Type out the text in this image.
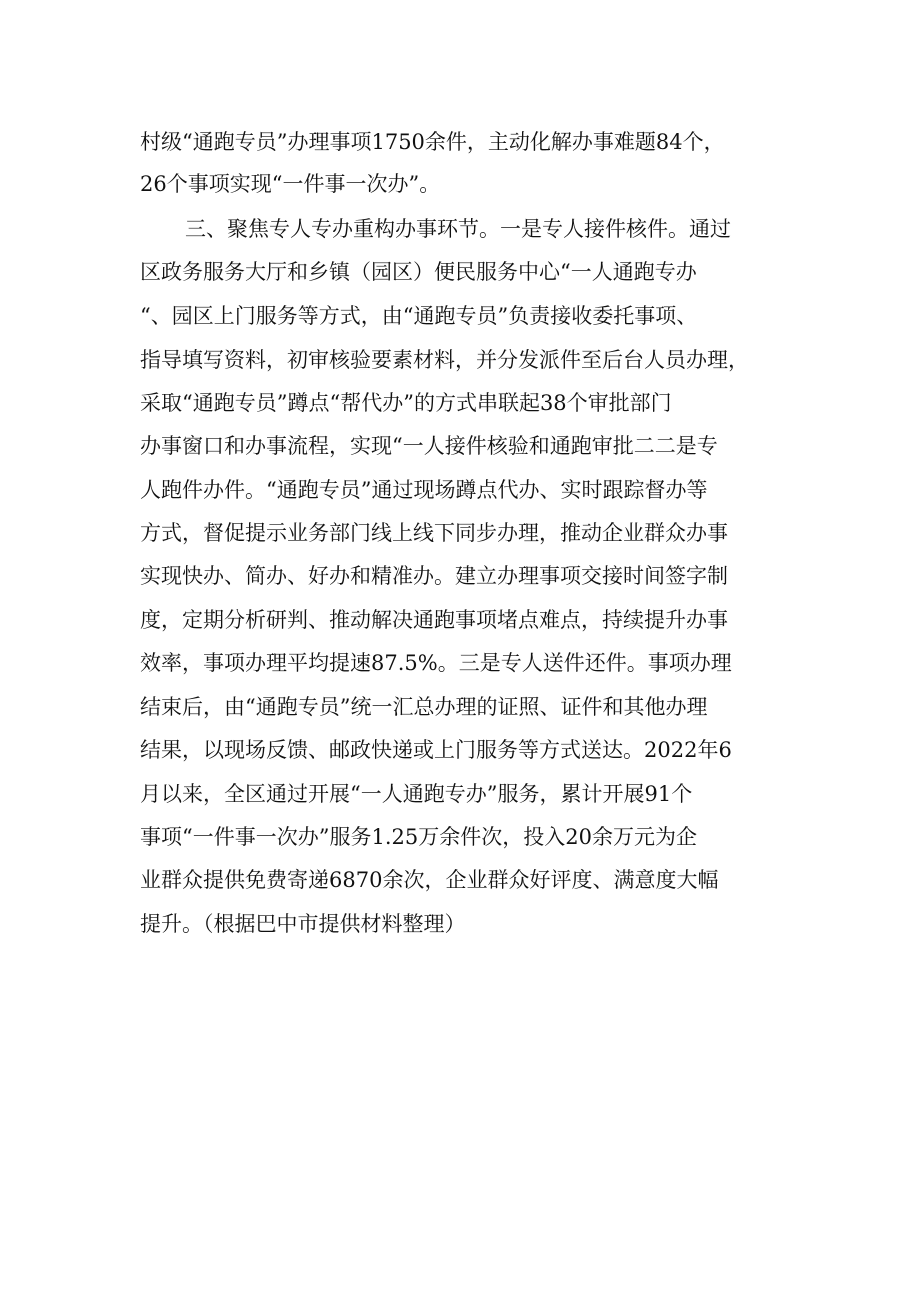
村级“通跑专员”办理事项1750余件，主动化解办事难题84个，
26个事项实现“一件事一次办”。
三、聚焦专人专办重构办事环节。一是专人接件核件。通过
区政务服务大厅和乡镇（园区）便民服务中心“一人通跑专办
“、园区上门服务等方式，由“通跑专员”负责接收委托事项、
指导填写资料，初审核验要素材料，并分发派件至后台人员办理，
采取“通跑专员”蹲点“帮代办”的方式串联起38个审批部门
办事窗口和办事流程，实现“一人接件核验和通跑审批二二是专
人跑件办件。“通跑专员”通过现场蹲点代办、实时跟踪督办等
方式，督促提示业务部门线上线下同步办理，推动企业群众办事
实现快办、简办、好办和精准办。建立办理事项交接时间签字制
度，定期分析研判、推动解决通跑事项堵点难点，持续提升办事
效率，事项办理平均提速87.5%。三是专人送件还件。事项办理
结束后，由“通跑专员”统一汇总办理的证照、证件和其他办理
结果，以现场反馈、邮政快递或上门服务等方式送达。2022年6
月以来，全区通过开展“一人通跑专办”服务，累计开展91个
事项“一件事一次办”服务1.25万余件次，投入20余万元为企
业群众提供免费寄递6870余次，企业群众好评度、满意度大幅
提升。（根据巴中市提供材料整理）
